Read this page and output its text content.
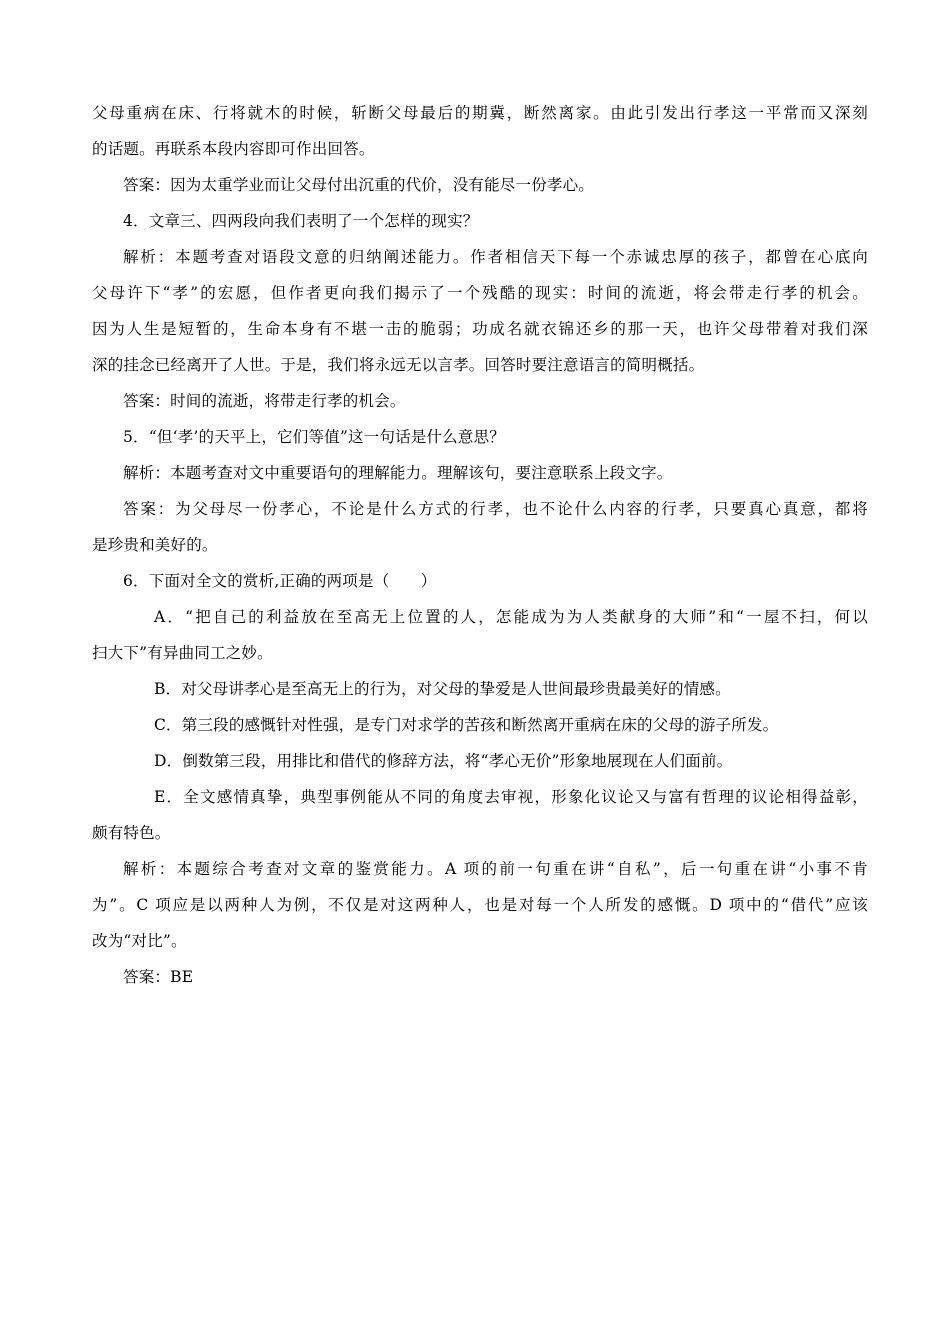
父母重病在床、行将就木的时候，斩断父母最后的期冀，断然离家。由此引发出行孝这一平常而又深刻
的话题。再联系本段内容即可作出回答。
答案：因为太重学业而让父母付出沉重的代价，没有能尽一份孝心。
4．文章三、四两段向我们表明了一个怎样的现实？
解析：本题考查对语段文意的归纳阐述能力。作者相信天下每一个赤诚忠厚的孩子，都曾在心底向
父母许下“孝”的宏愿，但作者更向我们揭示了一个残酷的现实：时间的流逝，将会带走行孝的机会。
因为人生是短暂的，生命本身有不堪一击的脆弱；功成名就衣锦还乡的那一天，也许父母带着对我们深
深的挂念已经离开了人世。于是，我们将永远无以言孝。回答时要注意语言的简明概括。
答案：时间的流逝，将带走行孝的机会。
5．“但‘孝’的天平上，它们等值”这一句话是什么意思？
解析：本题考查对文中重要语句的理解能力。理解该句，要注意联系上段文字。
答案：为父母尽一份孝心，不论是什么方式的行孝，也不论什么内容的行孝，只要真心真意，都将
是珍贵和美好的。
6．下面对全文的赏析,正确的两项是（　　）
A．“把自己的利益放在至高无上位置的人，怎能成为为人类献身的大师”和“一屋不扫，何以
扫大下”有异曲同工之妙。
B．对父母讲孝心是至高无上的行为，对父母的挚爱是人世间最珍贵最美好的情感。
C．第三段的感慨针对性强，是专门对求学的苦孩和断然离开重病在床的父母的游子所发。
D．倒数第三段，用排比和借代的修辞方法，将“孝心无价”形象地展现在人们面前。
E．全文感情真挚，典型事例能从不同的角度去审视，形象化议论又与富有哲理的议论相得益彰，
颇有特色。
解析：本题综合考查对文章的鉴赏能力。A 项的前一句重在讲“自私”，后一句重在讲“小事不肯
为”。C 项应是以两种人为例，不仅是对这两种人，也是对每一个人所发的感慨。D 项中的“借代”应该
改为“对比”。
答案：BE
